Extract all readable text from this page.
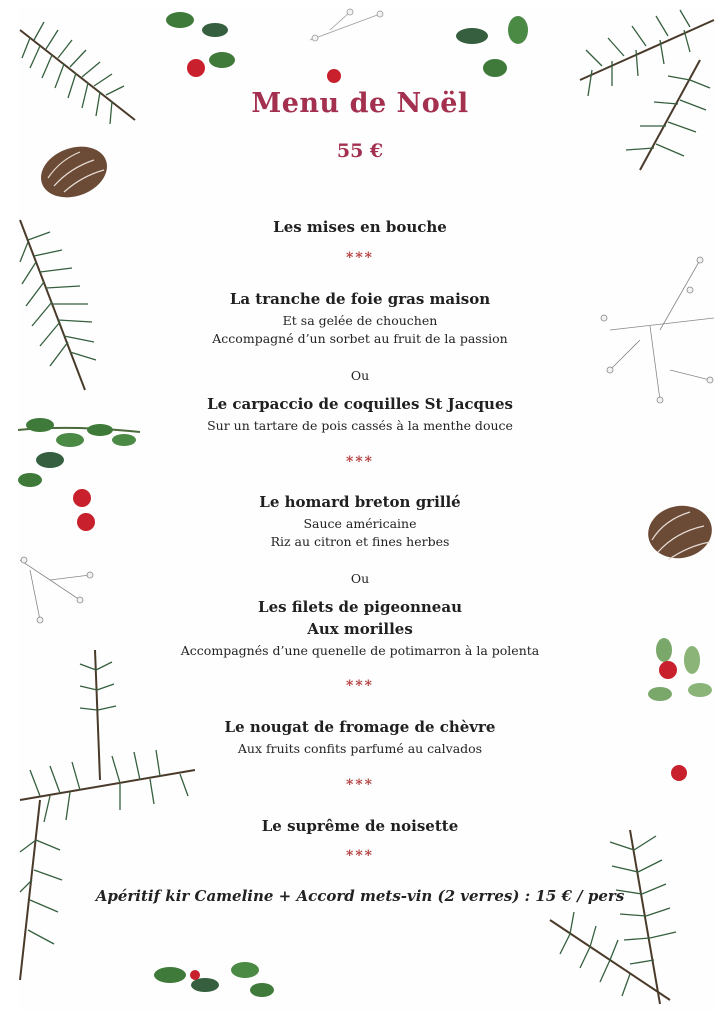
Menu de Noël
55 €
Les mises en bouche
***
La tranche de foie gras maison
Et sa gelée de chouchen
Accompagné d’un sorbet au fruit de la passion
Ou
Le carpaccio de coquilles St Jacques
Sur un tartare de pois cassés à la menthe douce
***
Le homard breton grillé
Sauce américaine
Riz au citron et fines herbes
Ou
Les filets de pigeonneau
Aux morilles
Accompagnés d’une quenelle de potimarron à la polenta
***
Le nougat de fromage de chèvre
Aux fruits confits parfumé au calvados
***
Le suprême de noisette
***
Apéritif kir Cameline + Accord mets-vin (2 verres) : 15 € / pers
